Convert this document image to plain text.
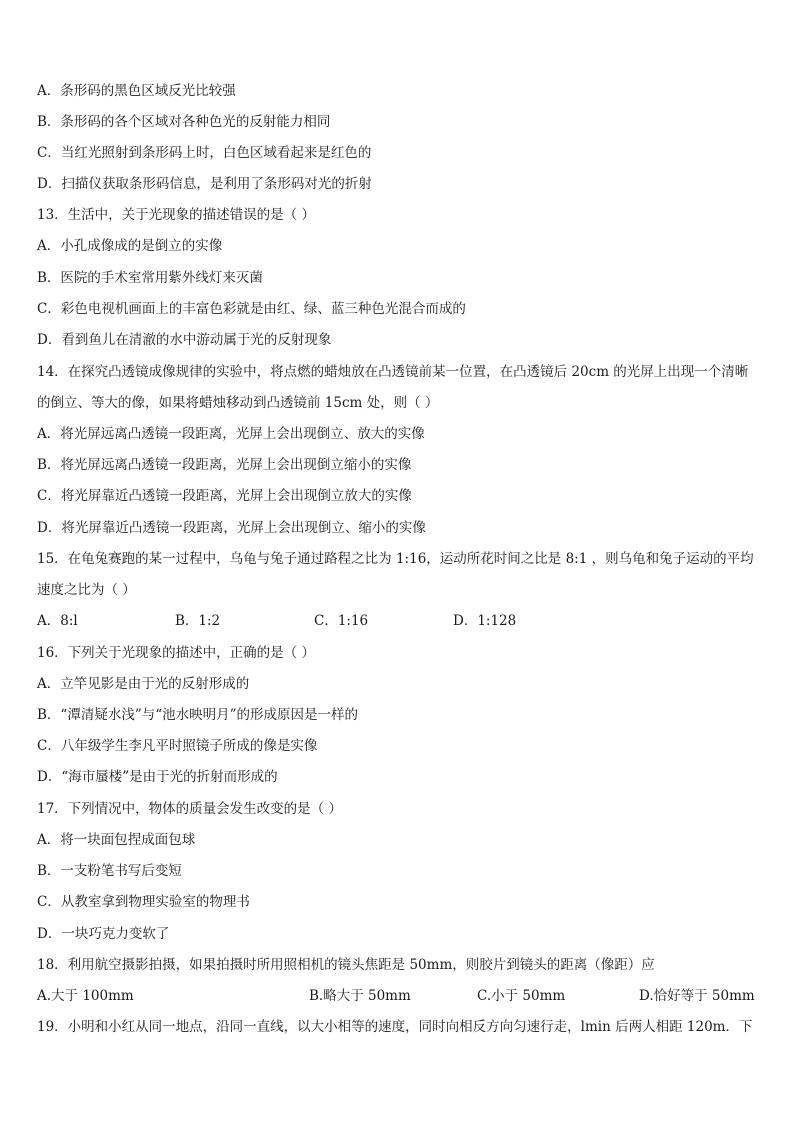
A．条形码的黑色区域反光比较强
B．条形码的各个区域对各种色光的反射能力相同
C．当红光照射到条形码上时，白色区域看起来是红色的
D．扫描仪获取条形码信息，是利用了条形码对光的折射
13．生活中，关于光现象的描述错误的是（ ）
A．小孔成像成的是倒立的实像
B．医院的手术室常用紫外线灯来灭菌
C．彩色电视机画面上的丰富色彩就是由红、绿、蓝三种色光混合而成的
D．看到鱼儿在清澈的水中游动属于光的反射现象
14．在探究凸透镜成像规律的实验中，将点燃的蜡烛放在凸透镜前某一位置，在凸透镜后 20cm 的光屏上出现一个清晰
的倒立、等大的像，如果将蜡烛移动到凸透镜前 15cm 处，则（ ）
A．将光屏远离凸透镜一段距离，光屏上会出现倒立、放大的实像
B．将光屏远离凸透镜一段距离，光屏上会出现倒立缩小的实像
C．将光屏靠近凸透镜一段距离，光屏上会出现倒立放大的实像
D．将光屏靠近凸透镜一段距离，光屏上会出现倒立、缩小的实像
15．在龟兔赛跑的某一过程中，乌龟与兔子通过路程之比为 1:16，运动所花时间之比是 8:1 ，则乌龟和兔子运动的平均
速度之比为（ ）
A．8:l	B．1:2	C．1:16	D．1:128
16．下列关于光现象的描述中，正确的是（ ）
A．立竿见影是由于光的反射形成的
B．“潭清疑水浅”与“池水映明月”的形成原因是一样的
C．八年级学生李凡平时照镜子所成的像是实像
D．“海市蜃楼”是由于光的折射而形成的
17．下列情况中，物体的质量会发生改变的是（ ）
A．将一块面包捏成面包球
B．一支粉笔书写后变短
C．从教室拿到物理实验室的物理书
D．一块巧克力变软了
18．利用航空摄影拍摄，如果拍摄时所用照相机的镜头焦距是 50mm，则胶片到镜头的距离（像距）应
A.大于 100mm	B.略大于 50mm	C.小于 50mm	D.恰好等于 50mm
19．小明和小红从同一地点，沿同一直线，以大小相等的速度，同时向相反方向匀速行走，lmin 后两人相距 120m．下
